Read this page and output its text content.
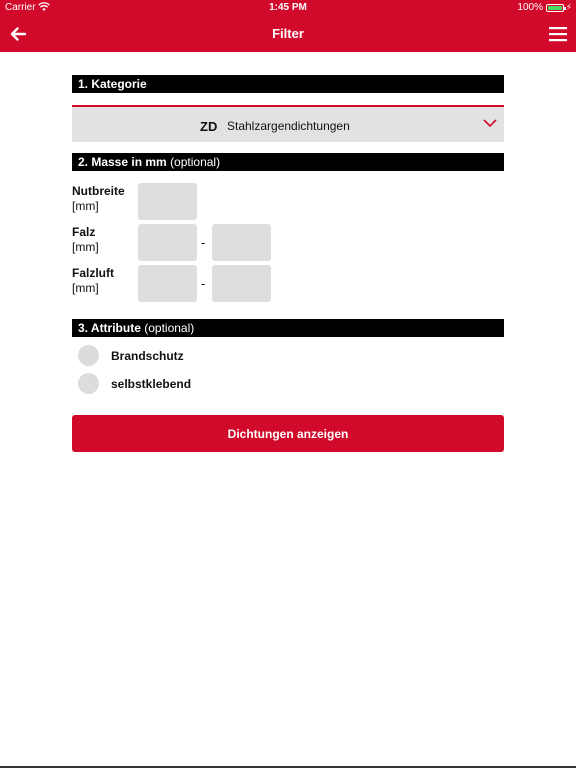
Carrier	1:45 PM	100%	⚡︎
Filter
1. Kategorie
ZD Stahlzargendichtungen
2. Masse in mm (optional)
Nutbreite
[mm]
Falz
[mm]	-
Falzluft
[mm]	-
3. Attribute (optional)
Brandschutz
selbstklebend
Dichtungen anzeigen
